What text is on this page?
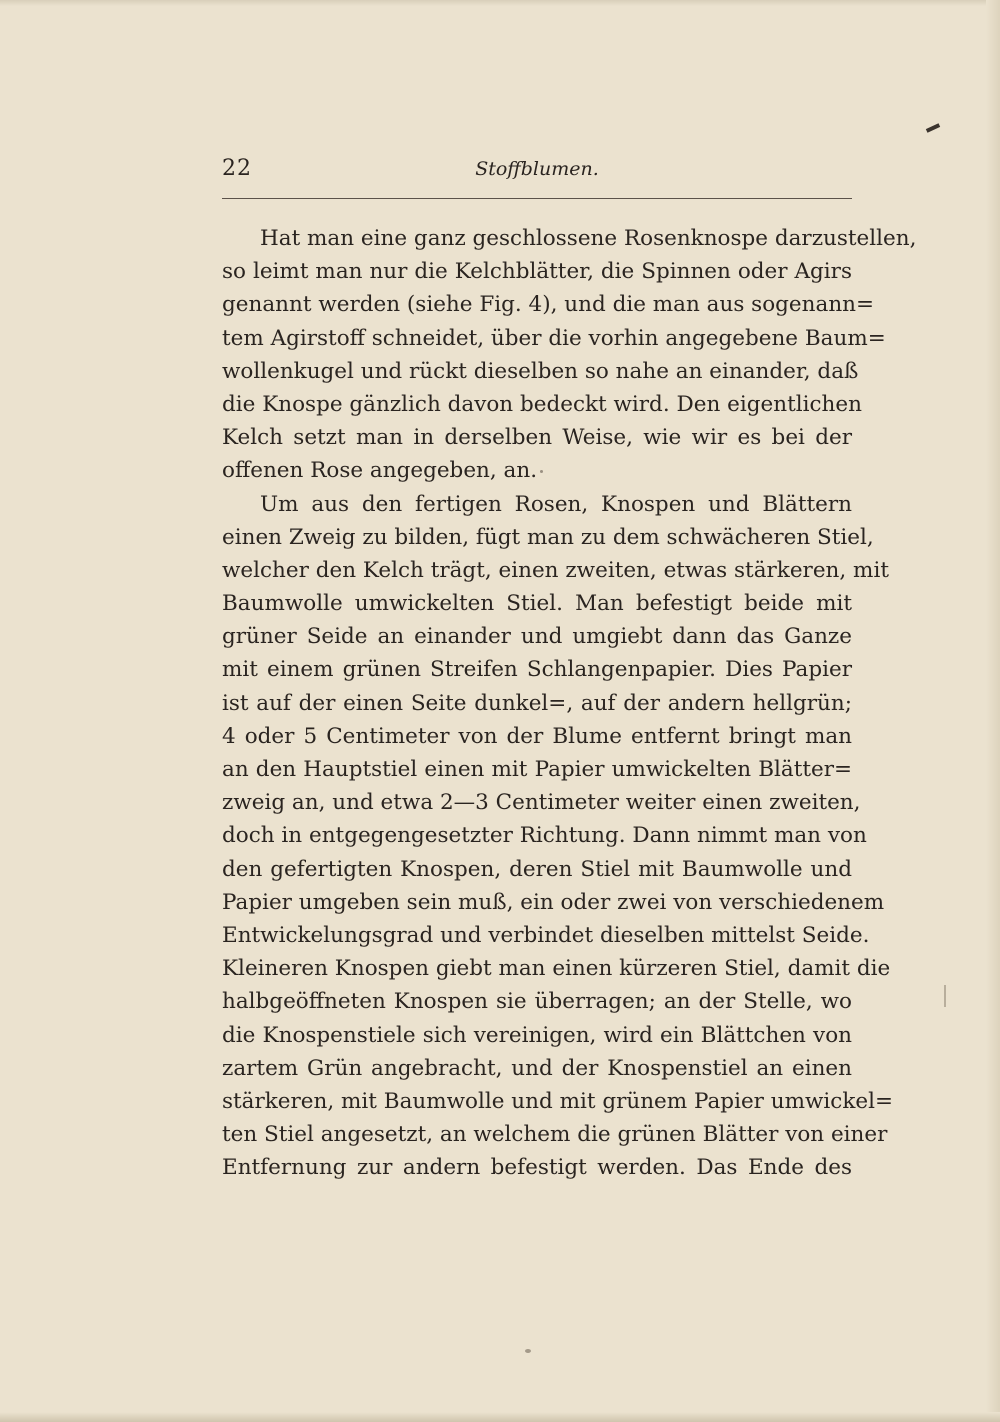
22	Stoffblumen.
Hat man eine ganz geschlossene Rosenknospe darzustellen,
so leimt man nur die Kelchblätter, die Spinnen oder Agirs
genannt werden (siehe Fig. 4), und die man aus sogenann=
tem Agirstoff schneidet, über die vorhin angegebene Baum=
wollenkugel und rückt dieselben so nahe an einander, daß
die Knospe gänzlich davon bedeckt wird. Den eigentlichen
Kelch setzt man in derselben Weise, wie wir es bei der
offenen Rose angegeben, an.
Um aus den fertigen Rosen, Knospen und Blättern
einen Zweig zu bilden, fügt man zu dem schwächeren Stiel,
welcher den Kelch trägt, einen zweiten, etwas stärkeren, mit
Baumwolle umwickelten Stiel. Man befestigt beide mit
grüner Seide an einander und umgiebt dann das Ganze
mit einem grünen Streifen Schlangenpapier. Dies Papier
ist auf der einen Seite dunkel=, auf der andern hellgrün;
4 oder 5 Centimeter von der Blume entfernt bringt man
an den Hauptstiel einen mit Papier umwickelten Blätter=
zweig an, und etwa 2—3 Centimeter weiter einen zweiten,
doch in entgegengesetzter Richtung. Dann nimmt man von
den gefertigten Knospen, deren Stiel mit Baumwolle und
Papier umgeben sein muß, ein oder zwei von verschiedenem
Entwickelungsgrad und verbindet dieselben mittelst Seide.
Kleineren Knospen giebt man einen kürzeren Stiel, damit die
halbgeöffneten Knospen sie überragen; an der Stelle, wo
die Knospenstiele sich vereinigen, wird ein Blättchen von
zartem Grün angebracht, und der Knospenstiel an einen
stärkeren, mit Baumwolle und mit grünem Papier umwickel=
ten Stiel angesetzt, an welchem die grünen Blätter von einer
Entfernung zur andern befestigt werden. Das Ende des
